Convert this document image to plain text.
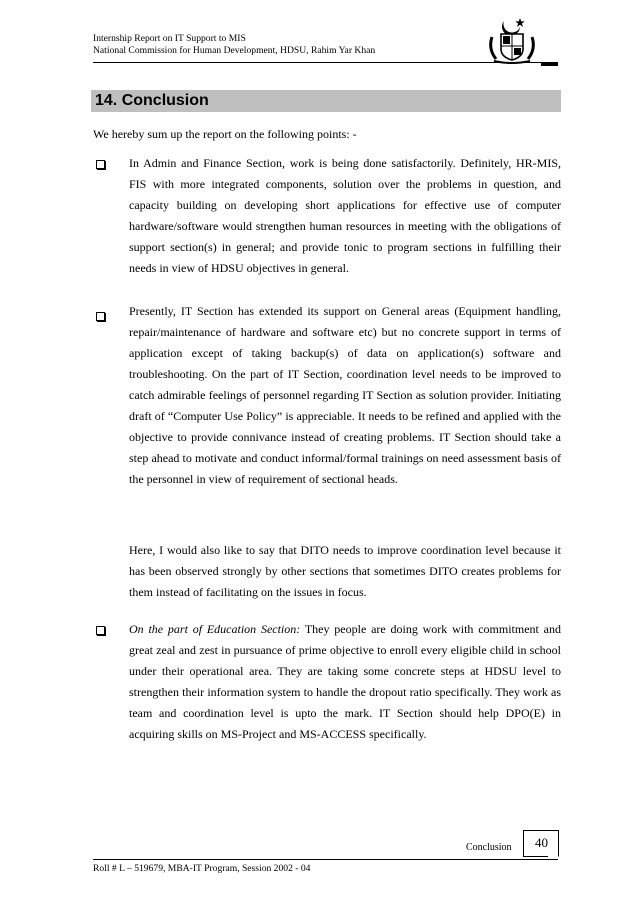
Internship Report on IT Support to MIS
National Commission for Human Development, HDSU, Rahim Yar Khan
14. Conclusion
We hereby sum up the report on the following points: -
In Admin and Finance Section, work is being done satisfactorily. Definitely, HR-MIS, FIS with more integrated components, solution over the problems in question, and capacity building on developing short applications for effective use of computer hardware/software would strengthen human resources in meeting with the obligations of support section(s) in general; and provide tonic to program sections in fulfilling their needs in view of HDSU objectives in general.
Presently, IT Section has extended its support on General areas (Equipment handling, repair/maintenance of hardware and software etc) but no concrete support in terms of application except of taking backup(s) of data on application(s) software and troubleshooting. On the part of IT Section, coordination level needs to be improved to catch admirable feelings of personnel regarding IT Section as solution provider. Initiating draft of “Computer Use Policy” is appreciable. It needs to be refined and applied with the objective to provide connivance instead of creating problems. IT Section should take a step ahead to motivate and conduct informal/formal trainings on need assessment basis of the personnel in view of requirement of sectional heads.
Here, I would also like to say that DITO needs to improve coordination level because it has been observed strongly by other sections that sometimes DITO creates problems for them instead of facilitating on the issues in focus.
On the part of Education Section: They people are doing work with commitment and great zeal and zest in pursuance of prime objective to enroll every eligible child in school under their operational area. They are taking some concrete steps at HDSU level to strengthen their information system to handle the dropout ratio specifically. They work as team and coordination level is upto the mark. IT Section should help DPO(E) in acquiring skills on MS-Project and MS-ACCESS specifically.
Conclusion 40
Roll # L – 519679, MBA-IT Program, Session 2002 - 04
